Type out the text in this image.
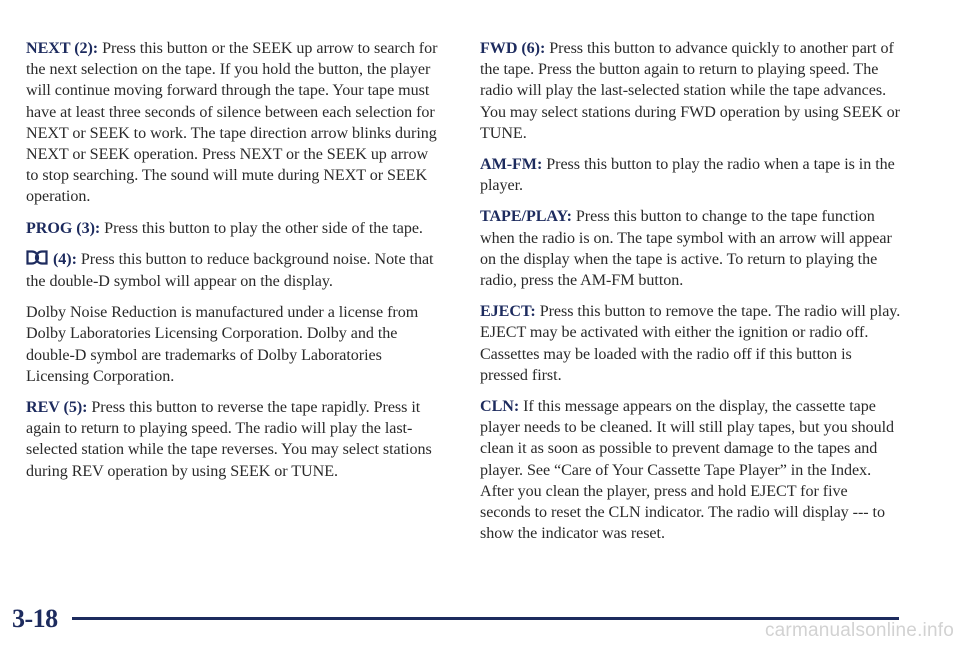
NEXT (2): Press this button or the SEEK up arrow to search for the next selection on the tape. If you hold the button, the player will continue moving forward through the tape. Your tape must have at least three seconds of silence between each selection for NEXT or SEEK to work. The tape direction arrow blinks during NEXT or SEEK operation. Press NEXT or the SEEK up arrow to stop searching. The sound will mute during NEXT or SEEK operation.

PROG (3): Press this button to play the other side of the tape.

(4): Press this button to reduce background noise. Note that the double-D symbol will appear on the display.

Dolby Noise Reduction is manufactured under a license from Dolby Laboratories Licensing Corporation. Dolby and the double-D symbol are trademarks of Dolby Laboratories Licensing Corporation.

REV (5): Press this button to reverse the tape rapidly. Press it again to return to playing speed. The radio will play the last-selected station while the tape reverses. You may select stations during REV operation by using SEEK or TUNE.

FWD (6): Press this button to advance quickly to another part of the tape. Press the button again to return to playing speed. The radio will play the last-selected station while the tape advances. You may select stations during FWD operation by using SEEK or TUNE.

AM-FM: Press this button to play the radio when a tape is in the player.

TAPE/PLAY: Press this button to change to the tape function when the radio is on. The tape symbol with an arrow will appear on the display when the tape is active. To return to playing the radio, press the AM-FM button.

EJECT: Press this button to remove the tape. The radio will play. EJECT may be activated with either the ignition or radio off. Cassettes may be loaded with the radio off if this button is pressed first.

CLN: If this message appears on the display, the cassette tape player needs to be cleaned. It will still play tapes, but you should clean it as soon as possible to prevent damage to the tapes and player. See “Care of Your Cassette Tape Player” in the Index. After you clean the player, press and hold EJECT for five seconds to reset the CLN indicator. The radio will display --- to show the indicator was reset.

3-18	carmanualsonline.info
